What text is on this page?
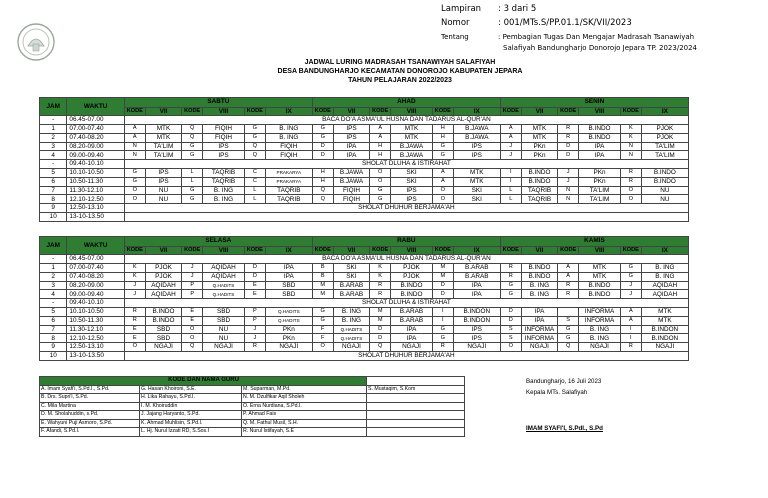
Lampiran : 3 dari 5
Nomor	: 001/MTs.S/PP.01.1/SK/VII/2023
Tentang	: Pembagian Tugas Dan Mengajar Madrasah Tsanawiyah
Salafiyah Bandungharjo Donorojo Jepara TP. 2023/2024
JADWAL LURING MADRASAH TSANAWIYAH SALAFIYAH
DESA BANDUNGHARJO KECAMATAN DONOROJO KABUPATEN JEPARA
TAHUN PELAJARAN 2022/2023
JAM	WAKTU	SABTU						AHAD						SENIN					
		KODE	VII	KODE	VIII	KODE	IX	KODE	VII	KODE	VIII	KODE	IX	KODE	VII	KODE	VIII	KODE	IX
-	06.45-07.00	BACA DO'A ASMA'UL HUSNA DAN TADARUS AL-QUR'AN																	
1	07.00-07.40	A	MTK	Q	FIQIH	G	B. ING	G	IPS	A	MTK	H	B.JAWA	A	MTK	R	B.INDO	K	PJOK
2	07.40-08.20	A	MTK	Q	FIQIH	G	B. ING	G	IPS	A	MTK	H	B.JAWA	A	MTK	R	B.INDO	K	PJOK
3	08.20-09.00	N	TA'LIM	G	IPS	Q	FIQIH	D	IPA	H	B.JAWA	G	IPS	J	PKn	D	IPA	N	TA'LIM
4	09.00-09.40	N	TA'LIM	G	IPS	Q	FIQIH	D	IPA	H	B.JAWA	G	IPS	J	PKn	D	IPA	N	TA'LIM
-	09.40-10.10	SHOLAT DLUHA & ISTIRAHAT																	
5	10.10-10.50	G	IPS	L	TAQRIB	C	PRAKARYA	H	B.JAWA	O	SKI	A	MTK	I	B.INDO	J	PKn	R	B.INDO
6	10.50-11.30	G	IPS	L	TAQRIB	C	PRAKARYA	H	B.JAWA	O	SKI	A	MTK	I	B.INDO	J	PKn	R	B.INDO
7	11.30-12.10	O	NU	G	B. ING	L	TAQRIB	Q	FIQIH	G	IPS	O	SKI	L	TAQRIB	N	TA'LIM	O	NU
8	12.10-12.50	O	NU	G	B. ING	L	TAQRIB	Q	FIQIH	G	IPS	O	SKI	L	TAQRIB	N	TA'LIM	O	NU
9	12.50-13.10	SHOLAT DHUHUR BERJAMA'AH																	
10	13-10-13.50																		
JAM	WAKTU	SELASA						RABU						KAMIS					
		KODE	VII	KODE	VIII	KODE	IX	KODE	VII	KODE	VIII	KODE	IX	KODE	VII	KODE	VIII	KODE	IX
-	06.45-07.00	BACA DO'A ASMA'UL HUSNA DAN TADARUS AL-QUR'AN																	
1	07.00-07.40	K	PJOK	J	AQIDAH	D	IPA	B	SKI	K	PJOK	M	B.ARAB	R	B.INDO	A	MTK	G	B. ING
2	07.40-08.20	K	PJOK	J	AQIDAH	D	IPA	B	SKI	K	PJOK	M	B.ARAB	R	B.INDO	A	MTK	G	B. ING
3	08.20-09.00	J	AQIDAH	P	Q.HADITS	E	SBD	M	B.ARAB	R	B.INDO	D	IPA	G	B. ING	R	B.INDO	J	AQIDAH
4	09.00-09.40	J	AQIDAH	P	Q.HADITS	E	SBD	M	B.ARAB	R	B.INDO	D	IPA	G	B. ING	R	B.INDO	J	AQIDAH
-	09.40-10.10	SHOLAT DLUHA & ISTIRAHAT																	
5	10.10-10.50	R	B.INDO	E	SBD	P	Q.HADITS	G	B. ING	M	B.ARAB	I	B.INDON	D	IPA		INFORMA	A	MTK
6	10.50-11.30	R	B.INDO	E	SBD	P	Q.HADITS	G	B. ING	M	B.ARAB	I	B.INDON	D	IPA	S	INFORMA	A	MTK
7	11.30-12.10	E	SBD	O	NU	J	PKn	F	Q.HADITS	D	IPA	G	IPS	S	INFORMA	G	B. ING	I	B.INDON
8	12.10-12.50	E	SBD	O	NU	J	PKn	F	Q.HADITS	D	IPA	G	IPS	S	INFORMA	G	B. ING	I	B.INDON
9	12.50-13.10	O	NGAJI	Q	NGAJI	R	NGAJI	O	NGAJI	Q	NGAJI	R	NGAJI	O	NGAJI	Q	NGAJI	R	NGAJI
10	13-10-13.50	SHOLAT DHUHUR BERJAMA'AH																	
KODE DAN NAMA GURU			
A. Imam Syafi'i, S.Pd.I., S.Pd.	G. Hasan Khoironi, S.E.	M. Suparman, M.Pd.	S. Mustaqim, S.Kom
B. Drs. Supri'i, S.Pd.	H. Lika Rahayu, S.Pd.I.	N. M. Dzulfikar Aqil Sholeh	
C. Mila Martina	I. M. Khoiruddin	O. Erna Nurdiana, S.Pd.I.	
D. M. Sholahuddin, s.Pd.	J. Jajang Haryanto, S.Pd.	P. Ahmad Fais	
E. Wahyuni Puji Asmoro, S.Pd.	K. Ahmad Muhlisin, S.Pd.I.	Q. M. Fathul Musil, S.H.	
F. Afandi, S.Pd.I.	L. Hj. Nurul Izzati RD, S.Sos.I	R. Nurul Istifayah, S.E	
Bandungharjo, 16 Juli 2023
Kepala MTs. Salafiyah
IMAM SYAFI'I, S.PdI., S.Pd
